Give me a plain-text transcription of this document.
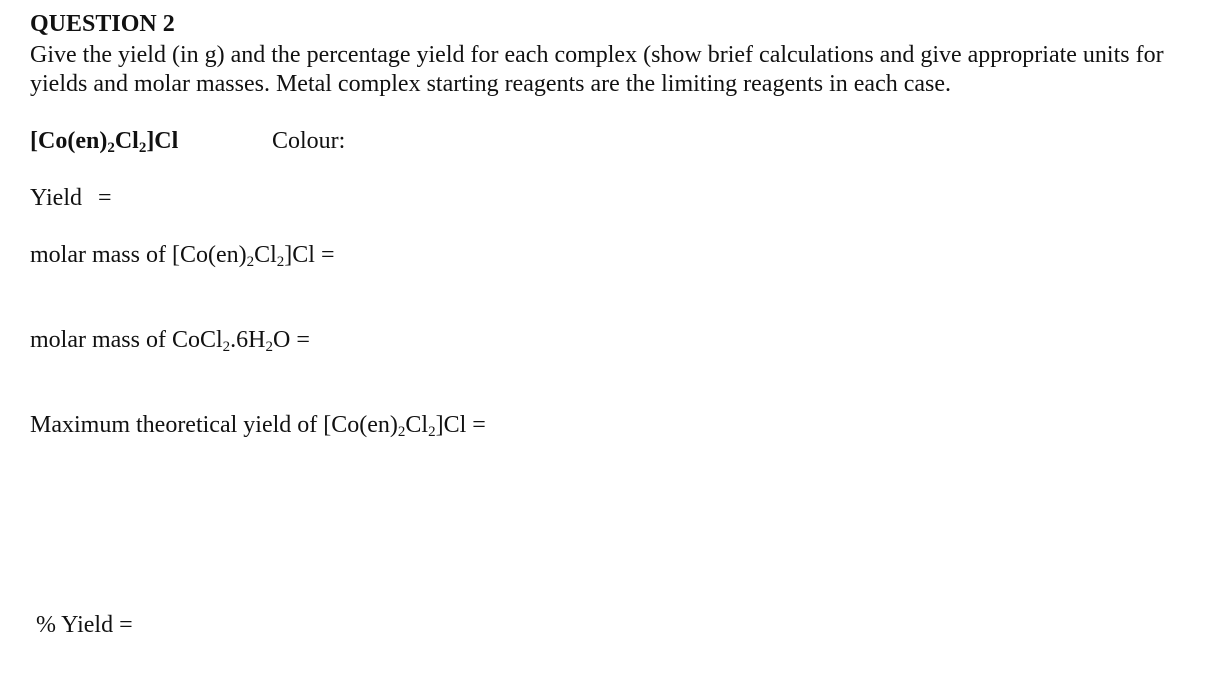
QUESTION 2
Give the yield (in g) and the percentage yield for each complex (show brief calculations and give appropriate units for
yields and molar masses. Metal complex starting reagents are the limiting reagents in each case.
$[Co(en)_2Cl_2]Cl$	Colour:
Yield =
molar mass of $[Co(en)_2Cl_2]Cl$ =
molar mass of $CoCl_2.6H_2O$ =
Maximum theoretical yield of $[Co(en)_2Cl_2]Cl$ =
% Yield =
